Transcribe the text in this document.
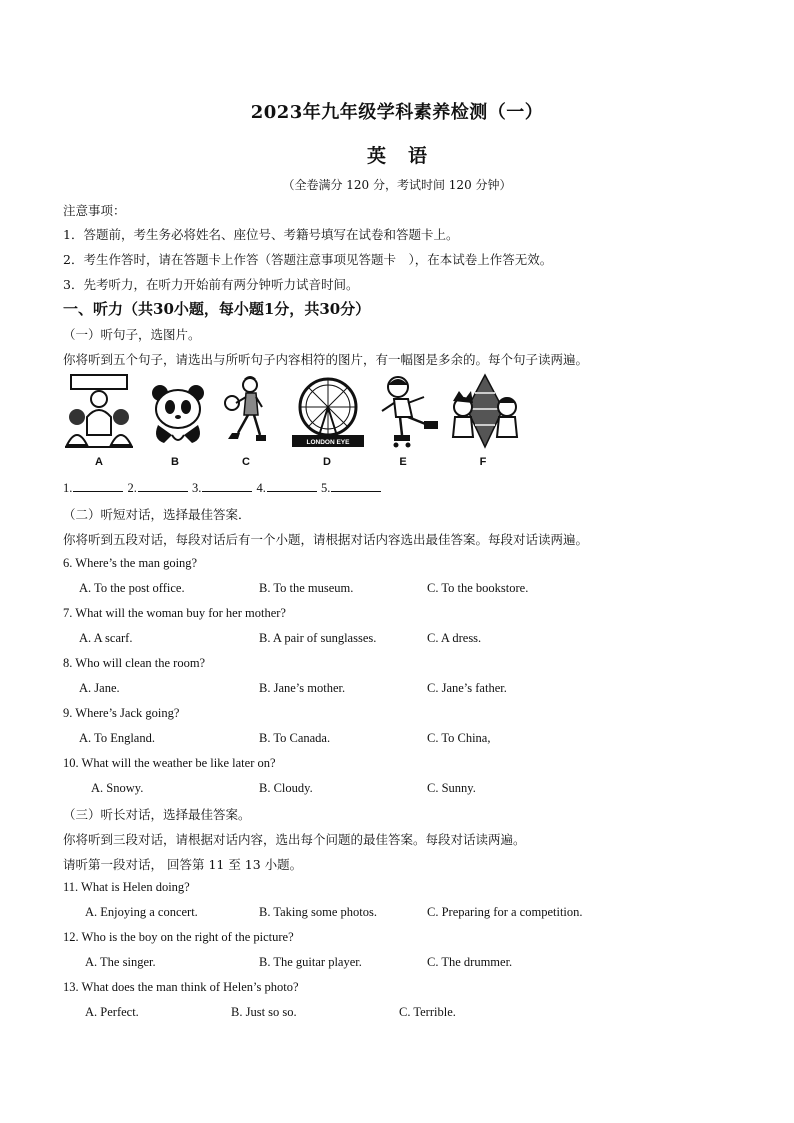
2023年九年级学科素养检测（一）
英语
（全卷满分 120 分，考试时间 120 分钟）
注意事项：
1．答题前，考生务必将姓名、座位号、考籍号填写在试卷和答题卡上。
2．考生作答时，请在答题卡上作答（答题注意事项见答题卡　），在本试卷上作答无效。
3．先考听力，在听力开始前有两分钟听力试音时间。
一、听力（共30小题，每小题1分，共30分）
（一）听句子，选图片。
你将听到五个句子，请选出与所听句子内容相符的图片，有一幅图是多余的。每个句子读两遍。
LONDON EYE
A	B	C	D	E	F
1.	2.	3.	4.	5.
（二）听短对话，选择最佳答案．
你将听到五段对话，每段对话后有一个小题，请根据对话内容选出最佳答案。每段对话读两遍。
6. Where’s the man going?
A. To the post office.	B. To the museum.	C. To the bookstore.
7. What will the woman buy for her mother?
A. A scarf.	B. A pair of sunglasses.	C. A dress.
8. Who will clean the room?
A. Jane.	B. Jane’s mother.	C. Jane’s father.
9. Where’s Jack going?
A. To England.	B. To Canada.	C. To China,
10. What will the weather be like later on?
A. Snowy.	B. Cloudy.	C. Sunny.
（三）听长对话，选择最佳答案。
你将听到三段对话，请根据对话内容，选出每个问题的最佳答案。每段对话读两遍。
请听第一段对话， 回答第 11 至 13 小题。
11. What is Helen doing?
A. Enjoying a concert.	B. Taking some photos.	C. Preparing for a competition.
12. Who is the boy on the right of the picture?
A. The singer.	B. The guitar player.	C. The drummer.
13. What does the man think of Helen’s photo?
A. Perfect.	B. Just so so.	C. Terrible.
